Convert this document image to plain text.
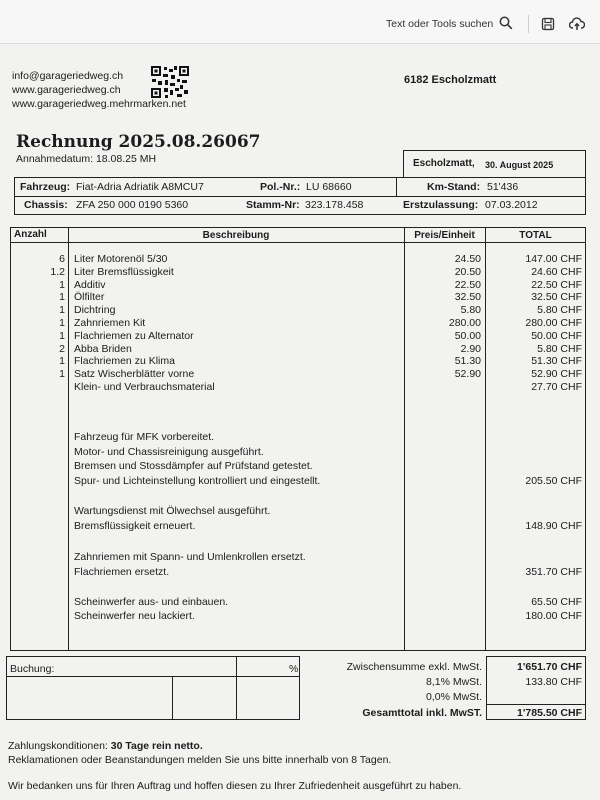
Text oder Tools suchen
info@garageriedweg.ch
www.garageriedweg.ch
www.garageriedweg.mehrmarken.net
6182 Escholzmatt
Rechnung 2025.08.26067
Annahmedatum: 18.08.25 MH	Escholzmatt, 30. August 2025
Fahrzeug: Fiat-Adria Adriatik A8MCU7	Pol.-Nr.: LU 68660	Km-Stand: 51'436
Chassis: ZFA 250 000 0190 5360	Stamm-Nr: 323.178.458	Erstzulassung: 07.03.2012
Anzahl	Beschreibung	Preis/Einheit	TOTAL
6 Liter Motorenöl 5/30	24.50	147.00 CHF
1.2 Liter Bremsflüssigkeit	20.50	24.60 CHF
1 Additiv	22.50	22.50 CHF
1 Ölfilter	32.50	32.50 CHF
1 Dichtring	5.80	5.80 CHF
1 Zahnriemen Kit	280.00	280.00 CHF
1 Flachriemen zu Alternator	50.00	50.00 CHF
2 Abba Briden	2.90	5.80 CHF
1 Flachriemen zu Klima	51.30	51.30 CHF
1 Satz Wischerblätter vorne	52.90	52.90 CHF
Klein- und Verbrauchsmaterial	27.70 CHF
Fahrzeug für MFK vorbereitet.
Motor- und Chassisreinigung ausgeführt.
Bremsen und Stossdämpfer auf Prüfstand getestet.
Spur- und Lichteinstellung kontrolliert und eingestellt.	205.50 CHF
Wartungsdienst mit Ölwechsel ausgeführt.
Bremsflüssigkeit erneuert.	148.90 CHF
Zahnriemen mit Spann- und Umlenkrollen ersetzt.
Flachriemen ersetzt.	351.70 CHF
Scheinwerfer aus- und einbauen.	65.50 CHF
Scheinwerfer neu lackiert.	180.00 CHF
Buchung:	%	Zwischensumme exkl. MwSt.	1'651.70 CHF
8,1% MwSt.	133.80 CHF
0,0% MwSt.
Gesamttotal inkl. MwST.	1'785.50 CHF
Zahlungskonditionen: 30 Tage rein netto.
Reklamationen oder Beanstandungen melden Sie uns bitte innerhalb von 8 Tagen.
Wir bedanken uns für Ihren Auftrag und hoffen diesen zu Ihrer Zufriedenheit ausgeführt zu haben.
